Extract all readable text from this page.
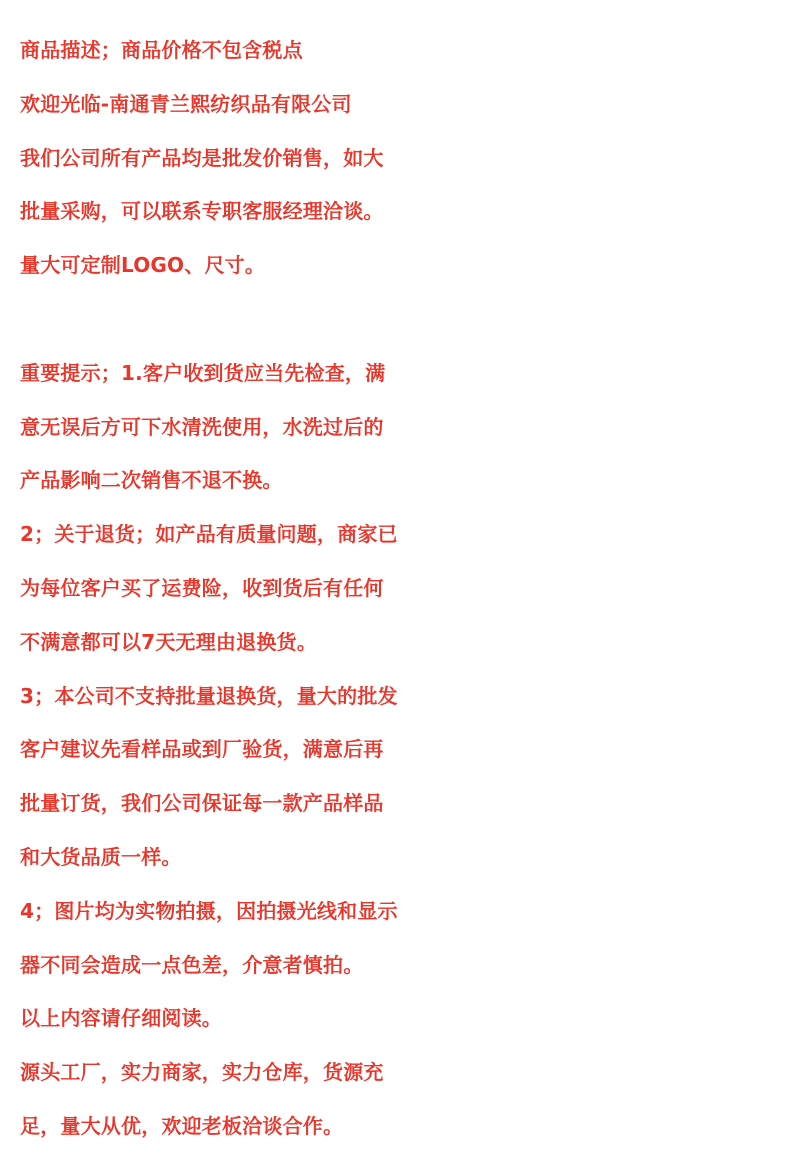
商品描述；商品价格不包含税点
欢迎光临-南通青兰熙纺织品有限公司
我们公司所有产品均是批发价销售，如大
批量采购，可以联系专职客服经理洽谈。
量大可定制LOGO、尺寸。
重要提示；1.客户收到货应当先检查，满
意无误后方可下水清洗使用，水洗过后的
产品影响二次销售不退不换。
2；关于退货；如产品有质量问题，商家已
为每位客户买了运费险，收到货后有任何
不满意都可以7天无理由退换货。
3；本公司不支持批量退换货，量大的批发
客户建议先看样品或到厂验货，满意后再
批量订货，我们公司保证每一款产品样品
和大货品质一样。
4；图片均为实物拍摄，因拍摄光线和显示
器不同会造成一点色差，介意者慎拍。
以上内容请仔细阅读。
源头工厂，实力商家，实力仓库，货源充
足，量大从优，欢迎老板洽谈合作。
